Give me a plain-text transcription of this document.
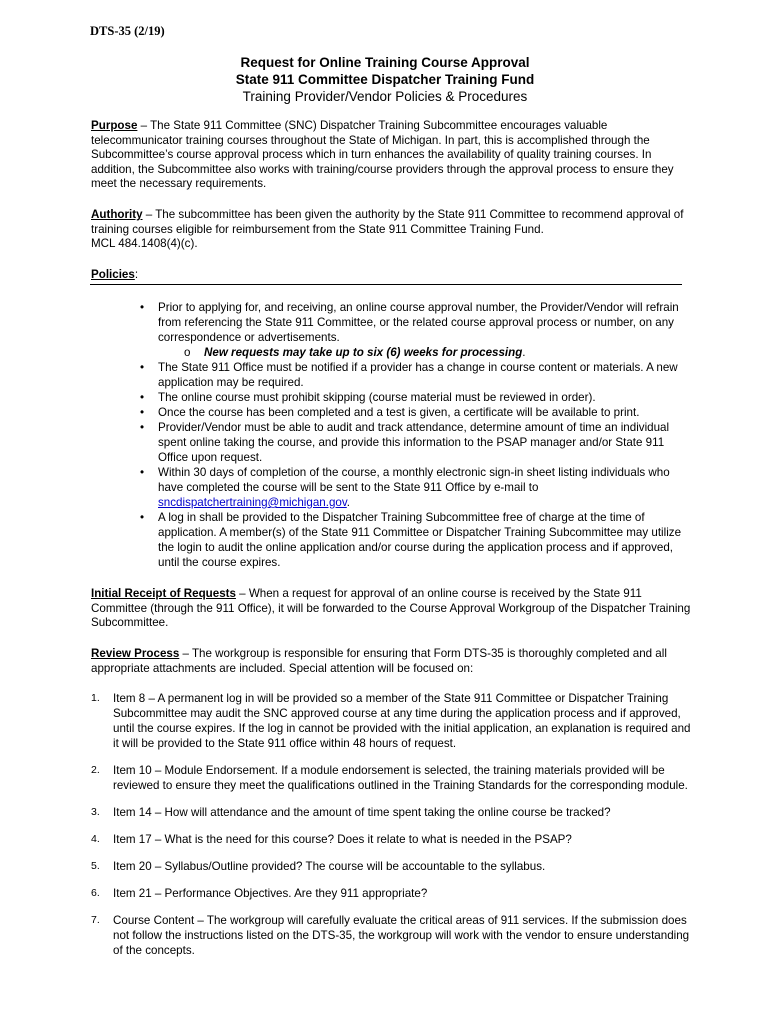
DTS-35 (2/19)
Request for Online Training Course Approval
State 911 Committee Dispatcher Training Fund
Training Provider/Vendor Policies & Procedures
Purpose – The State 911 Committee (SNC) Dispatcher Training Subcommittee encourages valuable telecommunicator training courses throughout the State of Michigan. In part, this is accomplished through the Subcommittee’s course approval process which in turn enhances the availability of quality training courses. In addition, the Subcommittee also works with training/course providers through the approval process to ensure they meet the necessary requirements.
Authority – The subcommittee has been given the authority by the State 911 Committee to recommend approval of training courses eligible for reimbursement from the State 911 Committee Training Fund.
MCL 484.1408(4)(c).
Policies:
• Prior to applying for, and receiving, an online course approval number, the Provider/Vendor will refrain from referencing the State 911 Committee, or the related course approval process or number, on any correspondence or advertisements.
o New requests may take up to six (6) weeks for processing.
• The State 911 Office must be notified if a provider has a change in course content or materials. A new application may be required.
• The online course must prohibit skipping (course material must be reviewed in order).
• Once the course has been completed and a test is given, a certificate will be available to print.
• Provider/Vendor must be able to audit and track attendance, determine amount of time an individual spent online taking the course, and provide this information to the PSAP manager and/or State 911 Office upon request.
• Within 30 days of completion of the course, a monthly electronic sign-in sheet listing individuals who have completed the course will be sent to the State 911 Office by e-mail to sncdispatchertraining@michigan.gov.
• A log in shall be provided to the Dispatcher Training Subcommittee free of charge at the time of application. A member(s) of the State 911 Committee or Dispatcher Training Subcommittee may utilize the login to audit the online application and/or course during the application process and if approved, until the course expires.
Initial Receipt of Requests – When a request for approval of an online course is received by the State 911 Committee (through the 911 Office), it will be forwarded to the Course Approval Workgroup of the Dispatcher Training Subcommittee.
Review Process – The workgroup is responsible for ensuring that Form DTS-35 is thoroughly completed and all appropriate attachments are included. Special attention will be focused on:
1. Item 8 – A permanent log in will be provided so a member of the State 911 Committee or Dispatcher Training Subcommittee may audit the SNC approved course at any time during the application process and if approved, until the course expires. If the log in cannot be provided with the initial application, an explanation is required and it will be provided to the State 911 office within 48 hours of request.
2. Item 10 – Module Endorsement. If a module endorsement is selected, the training materials provided will be reviewed to ensure they meet the qualifications outlined in the Training Standards for the corresponding module.
3. Item 14 – How will attendance and the amount of time spent taking the online course be tracked?
4. Item 17 – What is the need for this course? Does it relate to what is needed in the PSAP?
5. Item 20 – Syllabus/Outline provided? The course will be accountable to the syllabus.
6. Item 21 – Performance Objectives. Are they 911 appropriate?
7. Course Content – The workgroup will carefully evaluate the critical areas of 911 services. If the submission does not follow the instructions listed on the DTS-35, the workgroup will work with the vendor to ensure understanding of the concepts.
